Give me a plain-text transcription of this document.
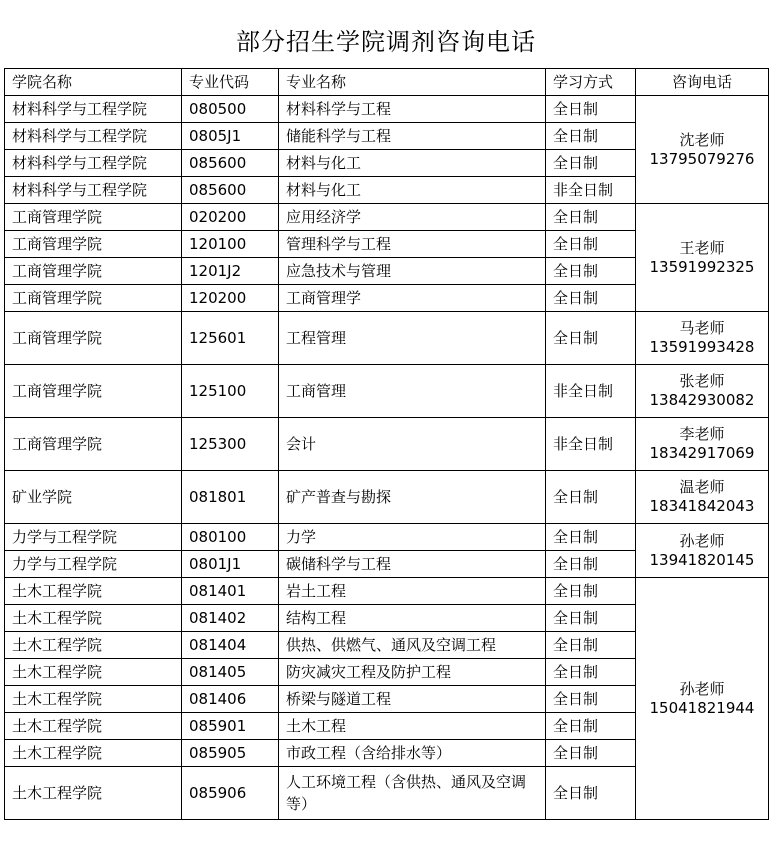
部分招生学院调剂咨询电话
学院名称	专业代码	专业名称	学习方式	咨询电话
材料科学与工程学院	080500	材料科学与工程	全日制	沈老师
13795079276

材料科学与工程学院	0805J1	储能科学与工程	全日制	
材料科学与工程学院	085600	材料与化工	全日制	
材料科学与工程学院	085600	材料与化工	非全日制	
工商管理学院	020200	应用经济学	全日制	王老师
13591992325

工商管理学院	120100	管理科学与工程	全日制	
工商管理学院	1201J2	应急技术与管理	全日制	
工商管理学院	120200	工商管理学	全日制	
工商管理学院	125601	工程管理	全日制	马老师
13591993428

工商管理学院	125100	工商管理	非全日制	张老师
13842930082

工商管理学院	125300	会计	非全日制	李老师
18342917069

矿业学院	081801	矿产普查与勘探	全日制	温老师
18341842043

力学与工程学院	080100	力学	全日制	孙老师
13941820145

力学与工程学院	0801J1	碳储科学与工程	全日制	
土木工程学院	081401	岩土工程	全日制	孙老师
15041821944

土木工程学院	081402	结构工程	全日制	
土木工程学院	081404	供热、供燃气、通风及空调工程	全日制	
土木工程学院	081405	防灾减灾工程及防护工程	全日制	
土木工程学院	081406	桥梁与隧道工程	全日制	
土木工程学院	085901	土木工程	全日制	
土木工程学院	085905	市政工程（含给排水等）	全日制	
土木工程学院	085906	人工环境工程（含供热、通风及空调等）	全日制	
